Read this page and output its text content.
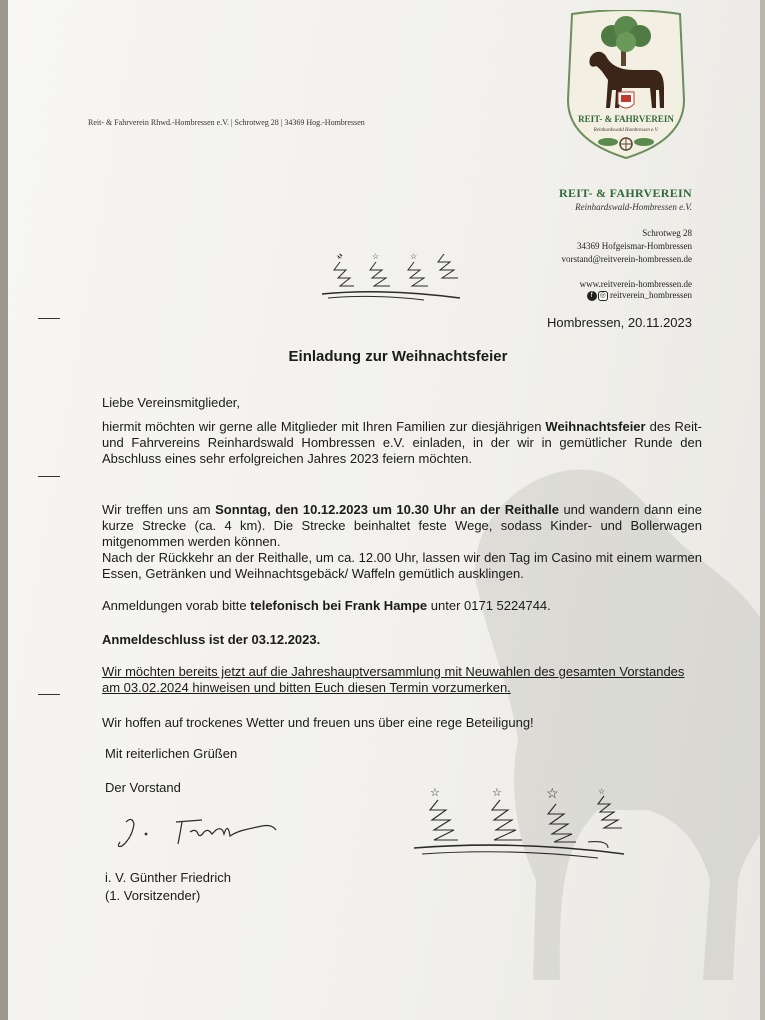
Reit- & Fahrverein Rhwd.-Hombressen e.V. | Schrotweg 28 | 34369 Hog.-Hombressen	REIT- & FAHRVEREIN
Reinhardswald Hombressen e.V.
REIT- & FAHRVEREIN
Reinhardswald-Hombressen e.V.
Schrotweg 28
34369 Hofgeismar-Hombressen
vorstand@reitverein-hombressen.de
www.reitverein-hombressen.de
f ◎ reitverein_hombressen
☆	☆	☆
Hombressen, 20.11.2023
Einladung zur Weihnachtsfeier
Liebe Vereinsmitglieder,
hiermit möchten wir gerne alle Mitglieder mit Ihren Familien zur diesjährigen Weihnachtsfeier des Reit- und Fahrvereins Reinhardswald Hombressen e.V. einladen, in der wir in gemütlicher Runde den Abschluss eines sehr erfolgreichen Jahres 2023 feiern möchten.
Wir treffen uns am Sonntag, den 10.12.2023 um 10.30 Uhr an der Reithalle und wandern dann eine kurze Strecke (ca. 4 km). Die Strecke beinhaltet feste Wege, sodass Kinder- und Bollerwagen mitgenommen werden können.
Nach der Rückkehr an der Reithalle, um ca. 12.00 Uhr, lassen wir den Tag im Casino mit einem warmen Essen, Getränken und Weihnachtsgebäck/ Waffeln gemütlich ausklingen.
Anmeldungen vorab bitte telefonisch bei Frank Hampe unter 0171 5224744.
Anmeldeschluss ist der 03.12.2023.
Wir möchten bereits jetzt auf die Jahreshauptversammlung mit Neuwahlen des gesamten Vorstandes am 03.02.2024 hinweisen und bitten Euch diesen Termin vorzumerken.
Wir hoffen auf trockenes Wetter und freuen uns über eine rege Beteiligung!
Mit reiterlichen Grüßen
Der Vorstand
i. V. Günther Friedrich
(1. Vorsitzender)
☆	☆	☆	☆
